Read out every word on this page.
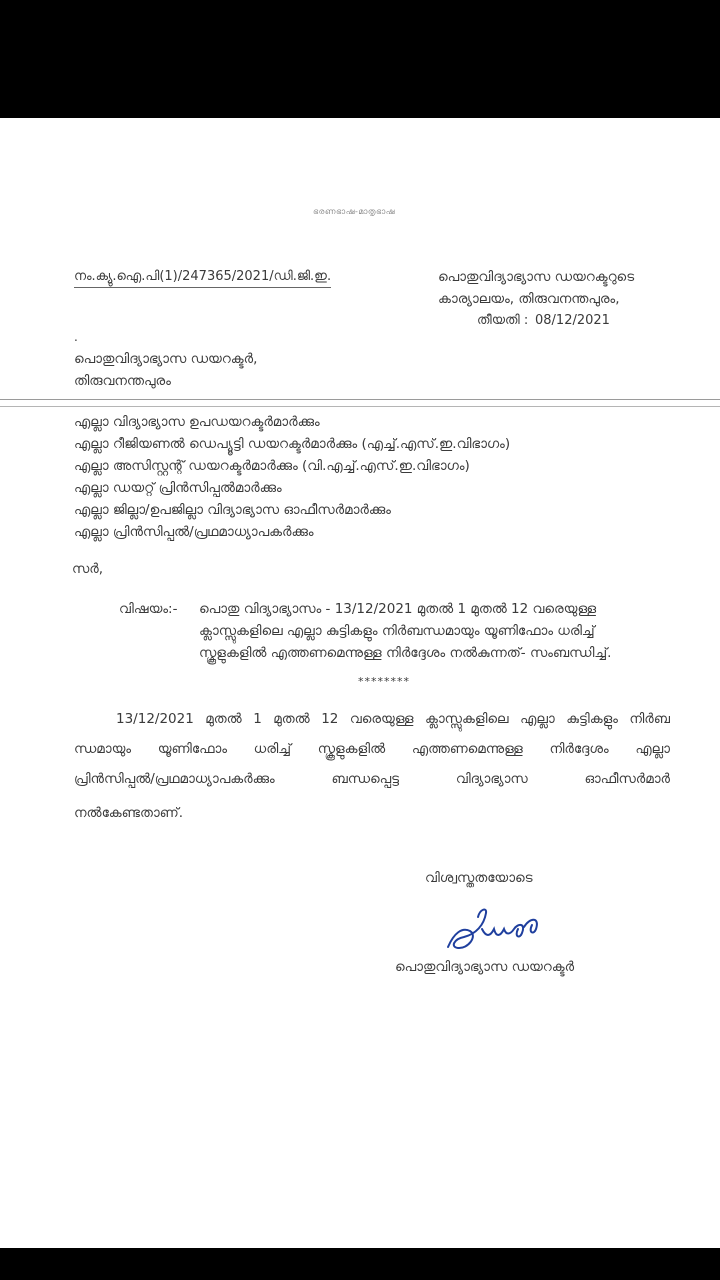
ഭരണഭാഷ-മാതൃഭാഷ
നം.ക്യു.ഐ.പി(1)/247365/2021/ഡി.ജി.ഇ.	പൊതുവിദ്യാഭ്യാസ ഡയറക്ടറുടെ
കാര്യാലയം, തിരുവനന്തപുരം,
തീയതി : 08/12/2021
.
പൊതുവിദ്യാഭ്യാസ ഡയറക്ടർ,
തിരുവനന്തപുരം
എല്ലാ വിദ്യാഭ്യാസ ഉപഡയറക്ടർമാർക്കും
എല്ലാ റീജിയണൽ ഡെപ്യൂട്ടി ഡയറക്ടർമാർക്കും (എച്ച്.എസ്.ഇ.വിഭാഗം)
എല്ലാ അസിസ്റ്റന്റ് ഡയറക്ടർമാർക്കും (വി.എച്ച്.എസ്.ഇ.വിഭാഗം)
എല്ലാ ഡയറ്റ് പ്രിൻസിപ്പൽമാർക്കും
എല്ലാ ജില്ലാ/ഉപജില്ലാ വിദ്യാഭ്യാസ ഓഫീസർമാർക്കും
എല്ലാ പ്രിൻസിപ്പൽ/പ്രഥമാധ്യാപകർക്കും
സർ,
വിഷയം:- പൊതു വിദ്യാഭ്യാസം - 13/12/2021 മുതൽ 1 മുതൽ 12 വരെയുള്ള
ക്ലാസ്സുകളിലെ എല്ലാ കുട്ടികളും നിർബന്ധമായും യൂണിഫോം ധരിച്ച്
സ്കൂളുകളിൽ എത്തണമെന്നുള്ള നിർദ്ദേശം നൽകുന്നത്- സംബന്ധിച്ച്.
********
13/12/2021 മുതൽ 1 മുതൽ 12 വരെയുള്ള ക്ലാസ്സുകളിലെ എല്ലാ കുട്ടികളും നിർബ
ന്ധമായും യൂണിഫോം ധരിച്ച് സ്കൂളുകളിൽ എത്തണമെന്നുള്ള നിർദ്ദേശം എല്ലാ
പ്രിൻസിപ്പൽ/പ്രഥമാധ്യാപകർക്കും ബന്ധപ്പെട്ട വിദ്യാഭ്യാസ ഓഫീസർമാർ
നൽകേണ്ടതാണ്.
വിശ്വസ്തതയോടെ
പൊതുവിദ്യാഭ്യാസ ഡയറക്ടർ
